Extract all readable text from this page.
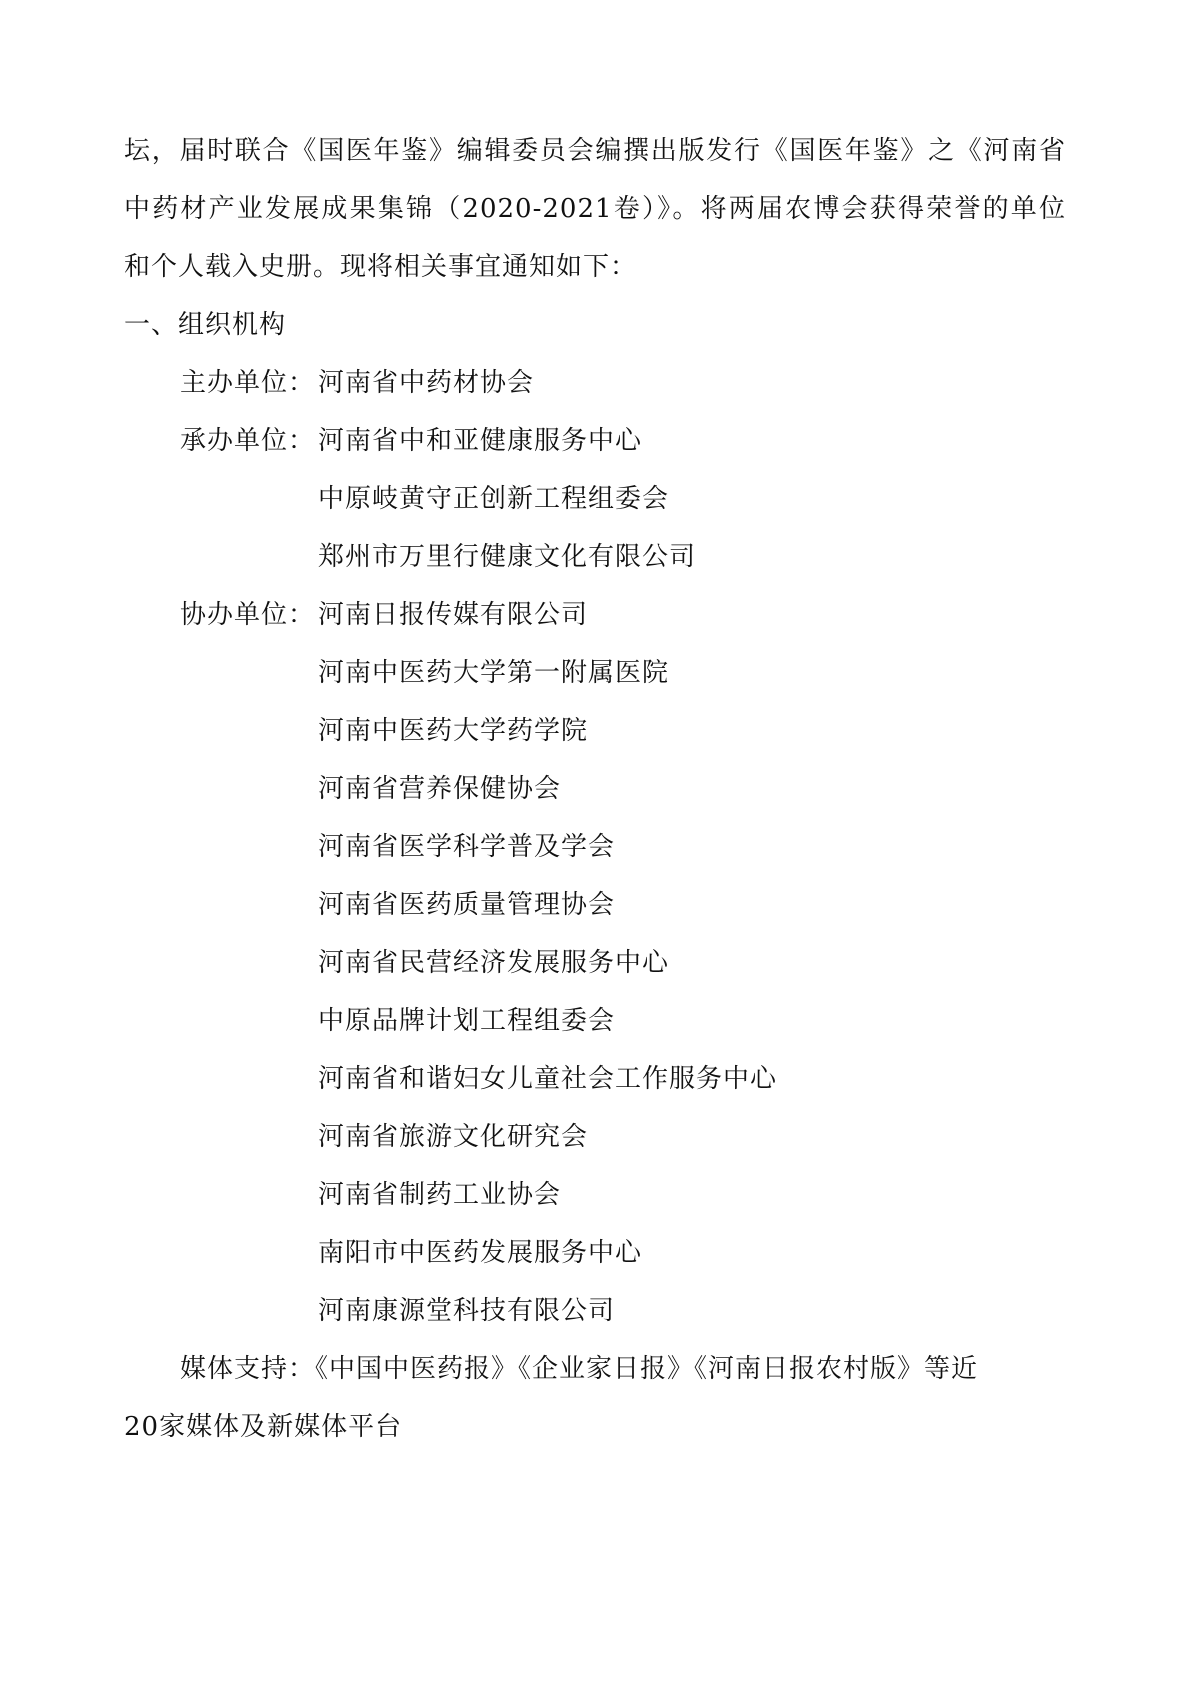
坛，届时联合《国医年鉴》编辑委员会编撰出版发行《国医年鉴》之《河南省
中药材产业发展成果集锦（2020-2021卷）》。将两届农博会获得荣誉的单位
和个人载入史册。现将相关事宜通知如下：
一、组织机构
主办单位： 河南省中药材协会
承办单位： 河南省中和亚健康服务中心
中原岐黄守正创新工程组委会
郑州市万里行健康文化有限公司
协办单位： 河南日报传媒有限公司
河南中医药大学第一附属医院
河南中医药大学药学院
河南省营养保健协会
河南省医学科学普及学会
河南省医药质量管理协会
河南省民营经济发展服务中心
中原品牌计划工程组委会
河南省和谐妇女儿童社会工作服务中心
河南省旅游文化研究会
河南省制药工业协会
南阳市中医药发展服务中心
河南康源堂科技有限公司
媒体支持：《中国中医药报》《企业家日报》《河南日报农村版》等近
20家媒体及新媒体平台
